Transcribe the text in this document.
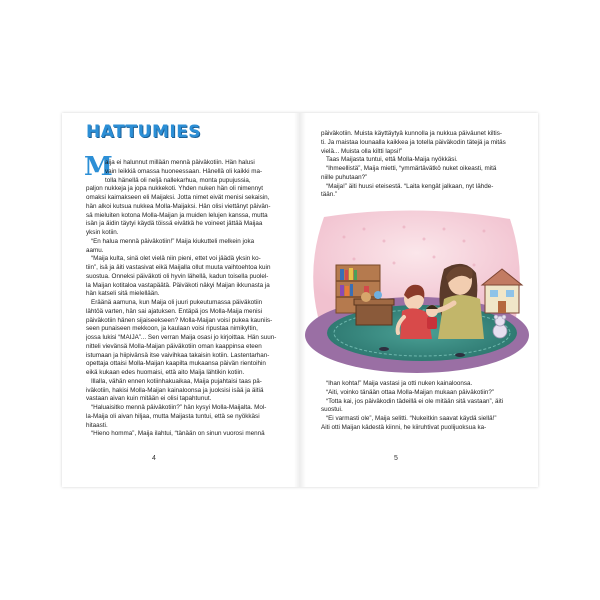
HATTUMIES
M
aija ei halunnut millään mennä päiväkotiin. Hän halusi
vain leikkiä omassa huoneessaan. Hänellä oli kaikki ma-
tolla hänellä oli neljä nallekarhua, monta pupujussia,
paljon nukkeja ja jopa nukkekoti. Yhden nuken hän oli nimennyt
omaksi kaimakseen eli Maijaksi. Jotta nimet eivät menisi sekaisin,
hän alkoi kutsua nukkea Molla-Maijaksi. Hän olisi viettänyt päivän-
sä mieluiten kotona Molla-Maijan ja muiden lelujen kanssa, mutta
isän ja äidin täytyi käydä töissä eivätkä he voineet jättää Maijaa
yksin kotiin.
“En halua mennä päiväkotiin!” Maija kiukutteli melkein joka
aamu.
“Maija kulta, sinä olet vielä niin pieni, ettet voi jäädä yksin ko-
tiin”, isä ja äiti vastasivat eikä Maijalla ollut muuta vaihtoehtoa kuin
suostua. Onneksi päiväkoti oli hyvin lähellä, kadun toisella puolel-
la Maijan kotitaloa vastapäätä. Päiväkoti näkyi Maijan ikkunasta ja
hän katseli sitä mielellään.
Eräänä aamuna, kun Maija oli juuri pukeutumassa päiväkotiin
lähtöä varten, hän sai ajatuksen. Entäpä jos Molla-Maija menisi
päiväkotiin hänen sijaiseekseen? Molla-Maijan voisi pukea kauniis-
seen punaiseen mekkoon, ja kaulaan voisi ripustaa nimikyltin,
jossa lukisi “MAIJA”... Sen verran Maija osasi jo kirjoittaa. Hän suun-
nitteli vievänsä Molla-Maijan päiväkotiin oman kaappinsa eteen
istumaan ja hiipivänsä itse vaivihkaa takaisin kotiin. Lastentarhan-
opettaja ottaisi Molla-Maijan kaapilta mukaansa päivän rientoihin
eikä kukaan edes huomaisi, että aito Maija lähtikin kotiin.
Illalla, vähän ennen kotiinhakuaikaa, Maija pujahtaisi taas pä-
iväkotiin, hakisi Molla-Maijan kainaloonsa ja juoksisi isää ja äitiä
vastaan aivan kuin mitään ei olisi tapahtunut.
“Haluaisitko mennä päiväkotiin?” hän kysyi Molla-Maijalta. Mol-
la-Maija oli aivan hiljaa, mutta Maijasta tuntui, että se nyökkäsi
hitaasti.
“Hieno homma”, Maija ilahtui, “tänään on sinun vuorosi mennä
4
päiväkotiin. Muista käyttäytyä kunnolla ja nukkua päiväunet kiltis-
ti. Ja maistaa lounaalla kaikkea ja totella päiväkodin tätejä ja mitäs
vielä... Muista olla kiltti lapsi!”
Taas Maijasta tuntui, että Molla-Maija nyökkäsi.
“Ihmeellistä”, Maija mietti, “ymmärtävätkö nuket oikeasti, mitä
niille puhutaan?”
“Maija!” äiti huusi eteisestä. “Laita kengät jalkaan, nyt lähde-
tään.”
“Ihan kohta!” Maija vastasi ja otti nuken kainaloonsa.
“Äiti, voinko tänään ottaa Molla-Maijan mukaan päiväkotiin?”
“Totta kai, jos päiväkodin tädeillä ei ole mitään sitä vastaan”, äiti
suostui.
“Ei varmasti ole”, Maija selitti. “Nukeitkin saavat käydä siellä!”
Äiti otti Maijan kädestä kiinni, he kiiruhtivat puolijuoksua ka-
5
